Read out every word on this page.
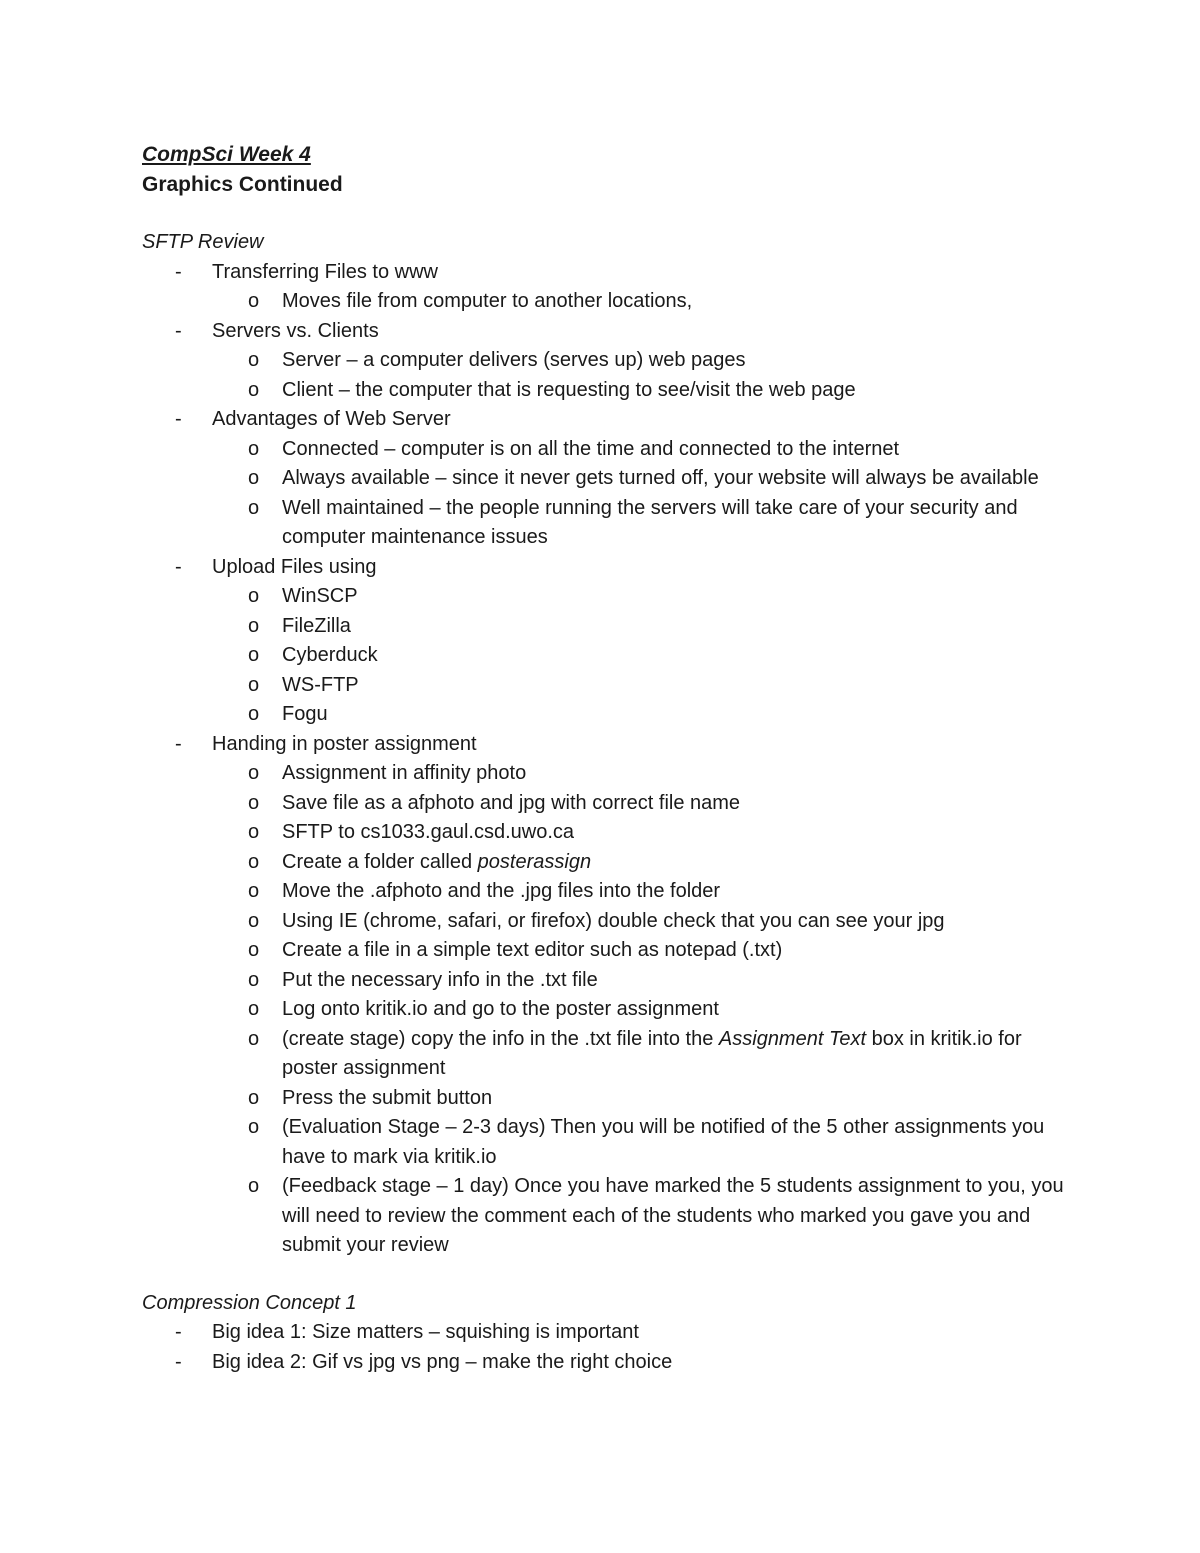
CompSci Week 4
Graphics Continued
SFTP Review
- Transferring Files to www
o Moves file from computer to another locations,
- Servers vs. Clients
o Server – a computer delivers (serves up) web pages
o Client – the computer that is requesting to see/visit the web page
- Advantages of Web Server
o Connected – computer is on all the time and connected to the internet
o Always available – since it never gets turned off, your website will always be available
o Well maintained – the people running the servers will take care of your security and computer maintenance issues
- Upload Files using
o WinSCP
o FileZilla
o Cyberduck
o WS-FTP
o Fogu
- Handing in poster assignment
o Assignment in affinity photo
o Save file as a afphoto and jpg with correct file name
o SFTP to cs1033.gaul.csd.uwo.ca
o Create a folder called posterassign
o Move the .afphoto and the .jpg files into the folder
o Using IE (chrome, safari, or firefox) double check that you can see your jpg
o Create a file in a simple text editor such as notepad (.txt)
o Put the necessary info in the .txt file
o Log onto kritik.io and go to the poster assignment
o (create stage) copy the info in the .txt file into the Assignment Text box in kritik.io for poster assignment
o Press the submit button
o (Evaluation Stage – 2-3 days) Then you will be notified of the 5 other assignments you have to mark via kritik.io
o (Feedback stage – 1 day) Once you have marked the 5 students assignment to you, you will need to review the comment each of the students who marked you gave you and submit your review
Compression Concept 1
- Big idea 1: Size matters – squishing is important
- Big idea 2: Gif vs jpg vs png – make the right choice
